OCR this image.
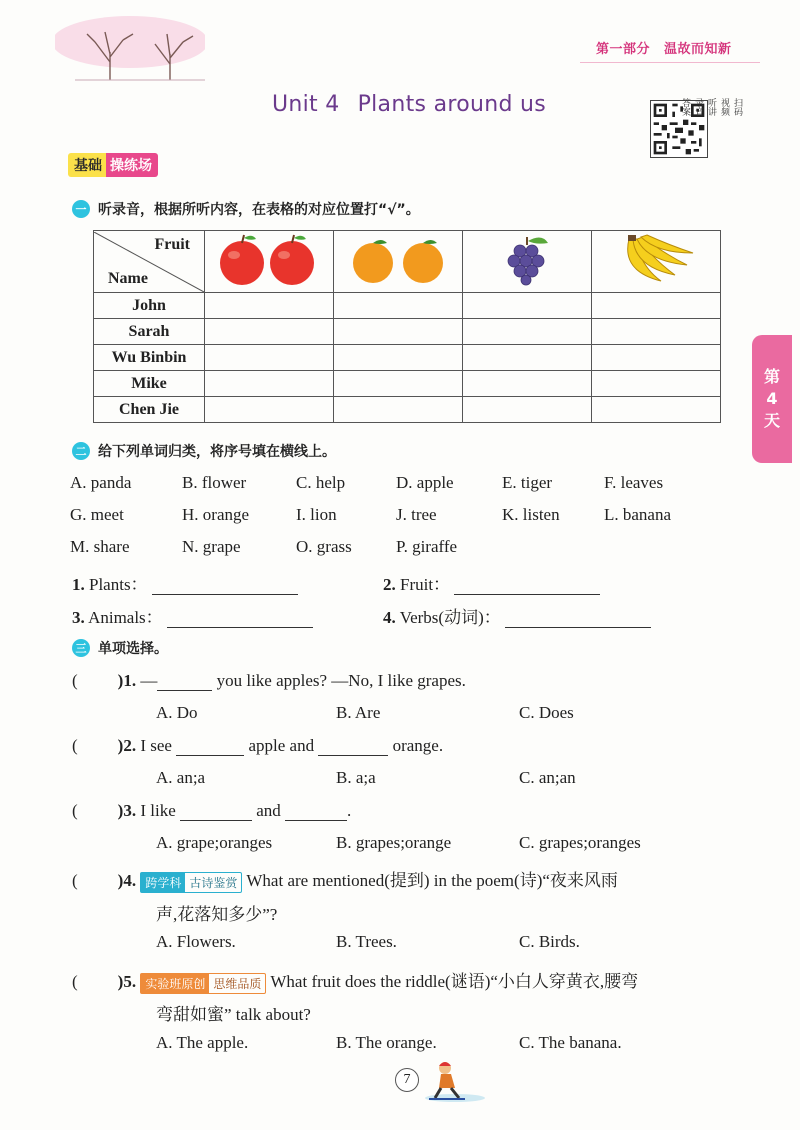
第一部分 温故而知新
Unit 4 Plants around us	扫码
视频
听讲
录音
答案
基础 操练场
一 听录音，根据所听内容，在表格的对应位置打“√”。
Fruit
Name

John				
Sarah				
Wu Binbin				
Mike				
Chen Jie				
二 给下列单词归类，将序号填在横线上。
A. panda	B. flower	C. help	D. apple	E. tiger	F. leaves
G. meet	H. orange	I. lion	J. tree	K. listen	L. banana
M. share	N. grape	O. grass	P. giraffe
1. Plants：	2. Fruit：
3. Animals：	4. Verbs(动词)：
三 单项选择。
( )1. —	you like apples? —No, I like grapes.
A. Do	B. Are	C. Does
( )2. I see	apple and	orange.
A. an;a	B. a;a	C. an;an
( )3. I like	and	.
A. grape;oranges	B. grapes;orange	C. grapes;oranges
( )4. 跨学科 古诗鉴赏 What are mentioned(提到) in the poem(诗)“夜来风雨
声,花落知多少”?
A. Flowers.	B. Trees.	C. Birds.
( )5. 实验班原创 思维品质 What fruit does the riddle(谜语)“小白人穿黄衣,腰弯
弯甜如蜜” talk about?
A. The apple.	B. The orange.	C. The banana.
第
4
天
7
